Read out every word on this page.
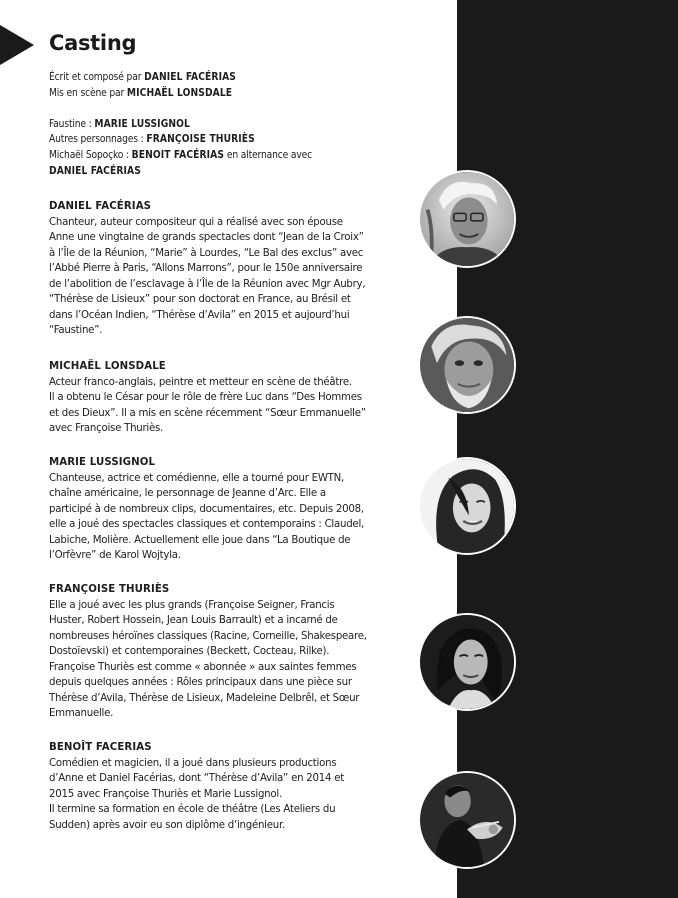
Casting

Écrit et composé par DANIEL FACÉRIAS

Mis en scène par MICHAËL LONSDALE

Faustine : MARIE LUSSIGNOL

Autres personnages : FRANÇOISE THURIÈS

Michaël Sopoçko : BENOIT FACÉRIAS en alternance avec

DANIEL FACÉRIAS

DANIEL FACÉRIAS
Chanteur, auteur compositeur qui a réalisé avec son épouse
Anne une vingtaine de grands spectacles dont “Jean de la Croix”
à l’Île de la Réunion, “Marie” à Lourdes, “Le Bal des exclus” avec
l’Abbé Pierre à Paris, “Allons Marrons”, pour le 150e anniversaire
de l’abolition de l’esclavage à l’Île de la Réunion avec Mgr Aubry,
“Thérèse de Lisieux” pour son doctorat en France, au Brésil et
dans l’Océan Indien, “Thérèse d’Avila” en 2015 et aujourd’hui
“Faustine”.
MICHAËL LONSDALE
Acteur franco-anglais, peintre et metteur en scène de théâtre.
Il a obtenu le César pour le rôle de frère Luc dans “Des Hommes
et des Dieux”. Il a mis en scène récemment “Sœur Emmanuelle”
avec Françoise Thuriès.
MARIE LUSSIGNOL
Chanteuse, actrice et comédienne, elle a tourné pour EWTN,
chaîne américaine, le personnage de Jeanne d’Arc. Elle a
participé à de nombreux clips, documentaires, etc. Depuis 2008,
elle a joué des spectacles classiques et contemporains : Claudel,
Labiche, Molière. Actuellement elle joue dans “La Boutique de
l’Orfèvre” de Karol Wojtyla.
FRANÇOISE THURIÈS
Elle a joué avec les plus grands (Françoise Seigner, Francis
Huster, Robert Hossein, Jean Louis Barrault) et a incarné de
nombreuses héroïnes classiques (Racine, Corneille, Shakespeare,
Dostoïevski) et contemporaines (Beckett, Cocteau, Rilke).
Françoise Thuriès est comme « abonnée » aux saintes femmes
depuis quelques années : Rôles principaux dans une pièce sur
Thérèse d’Avila, Thérèse de Lisieux, Madeleine Delbrêl, et Sœur
Emmanuelle.
BENOÎT FACERIAS
Comédien et magicien, il a joué dans plusieurs productions
d’Anne et Daniel Facérias, dont “Thérèse d’Avila” en 2014 et
2015 avec Françoise Thuriès et Marie Lussignol.
Il termine sa formation en école de théâtre (Les Ateliers du
Sudden) après avoir eu son diplôme d’ingénieur.
